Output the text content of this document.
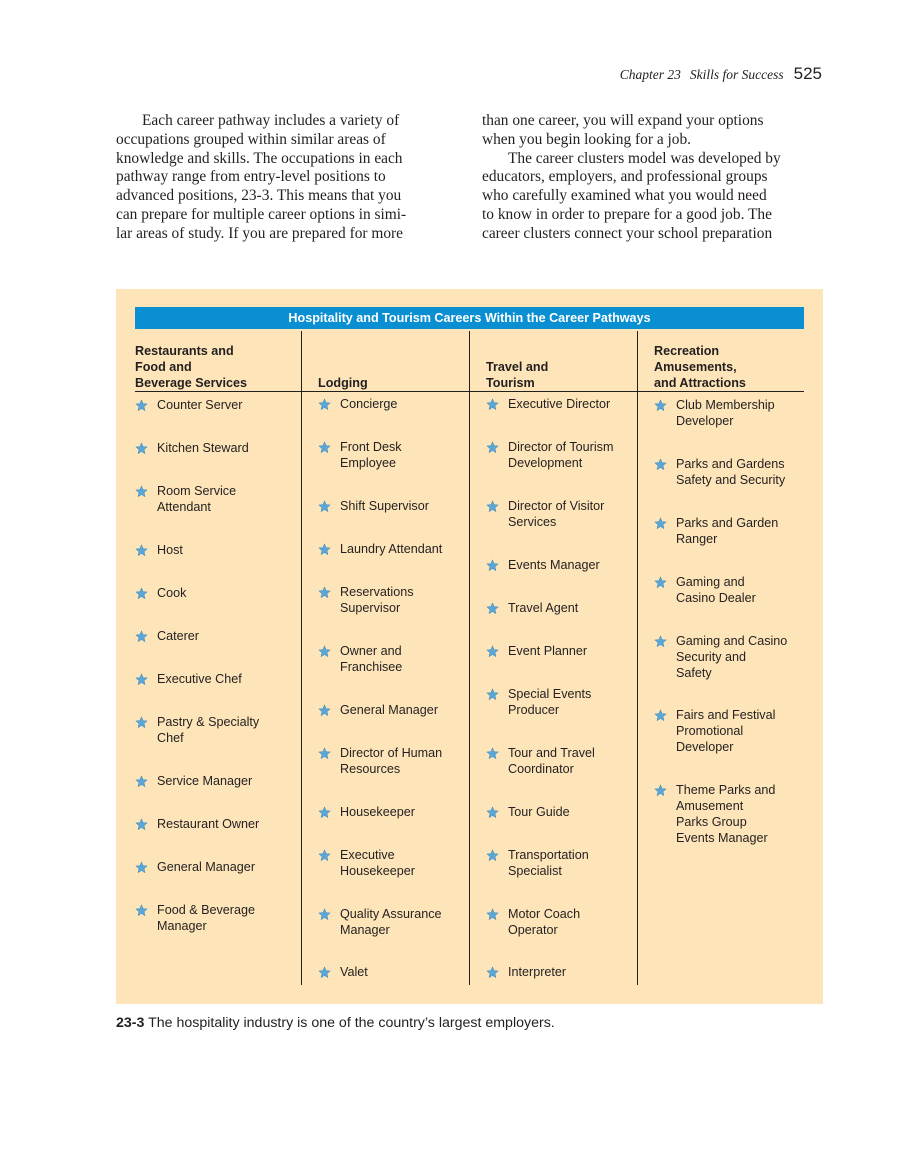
Chapter 23 Skills for Success 525
Each career pathway includes a variety of
occupations grouped within similar areas of
knowledge and skills. The occupations in each
pathway range from entry-level positions to
advanced positions, 23-3. This means that you
can prepare for multiple career options in simi-
lar areas of study. If you are prepared for more
than one career, you will expand your options
when you begin looking for a job.
The career clusters model was developed by
educators, employers, and professional groups
who carefully examined what you would need
to know in order to prepare for a good job. The
career clusters connect your school preparation
Hospitality and Tourism Careers Within the Career Pathways
Restaurants and
Food and
Beverage Services
Counter Server
Kitchen Steward
Room Service
Attendant
Host
Cook
Caterer
Executive Chef
Pastry & Specialty
Chef
Service Manager
Restaurant Owner
General Manager
Food & Beverage
Manager
Lodging
Concierge
Front Desk
Employee
Shift Supervisor
Laundry Attendant
Reservations
Supervisor
Owner and
Franchisee
General Manager
Director of Human
Resources
Housekeeper
Executive
Housekeeper
Quality Assurance
Manager
Valet
Travel and
Tourism
Executive Director
Director of Tourism
Development
Director of Visitor
Services
Events Manager
Travel Agent
Event Planner
Special Events
Producer
Tour and Travel
Coordinator
Tour Guide
Transportation
Specialist
Motor Coach
Operator
Interpreter
Recreation
Amusements,
and Attractions
Club Membership
Developer
Parks and Gardens
Safety and Security
Parks and Garden
Ranger
Gaming and
Casino Dealer
Gaming and Casino
Security and
Safety
Fairs and Festival
Promotional
Developer
Theme Parks and
Amusement
Parks Group
Events Manager
23-3 The hospitality industry is one of the country’s largest employers.
